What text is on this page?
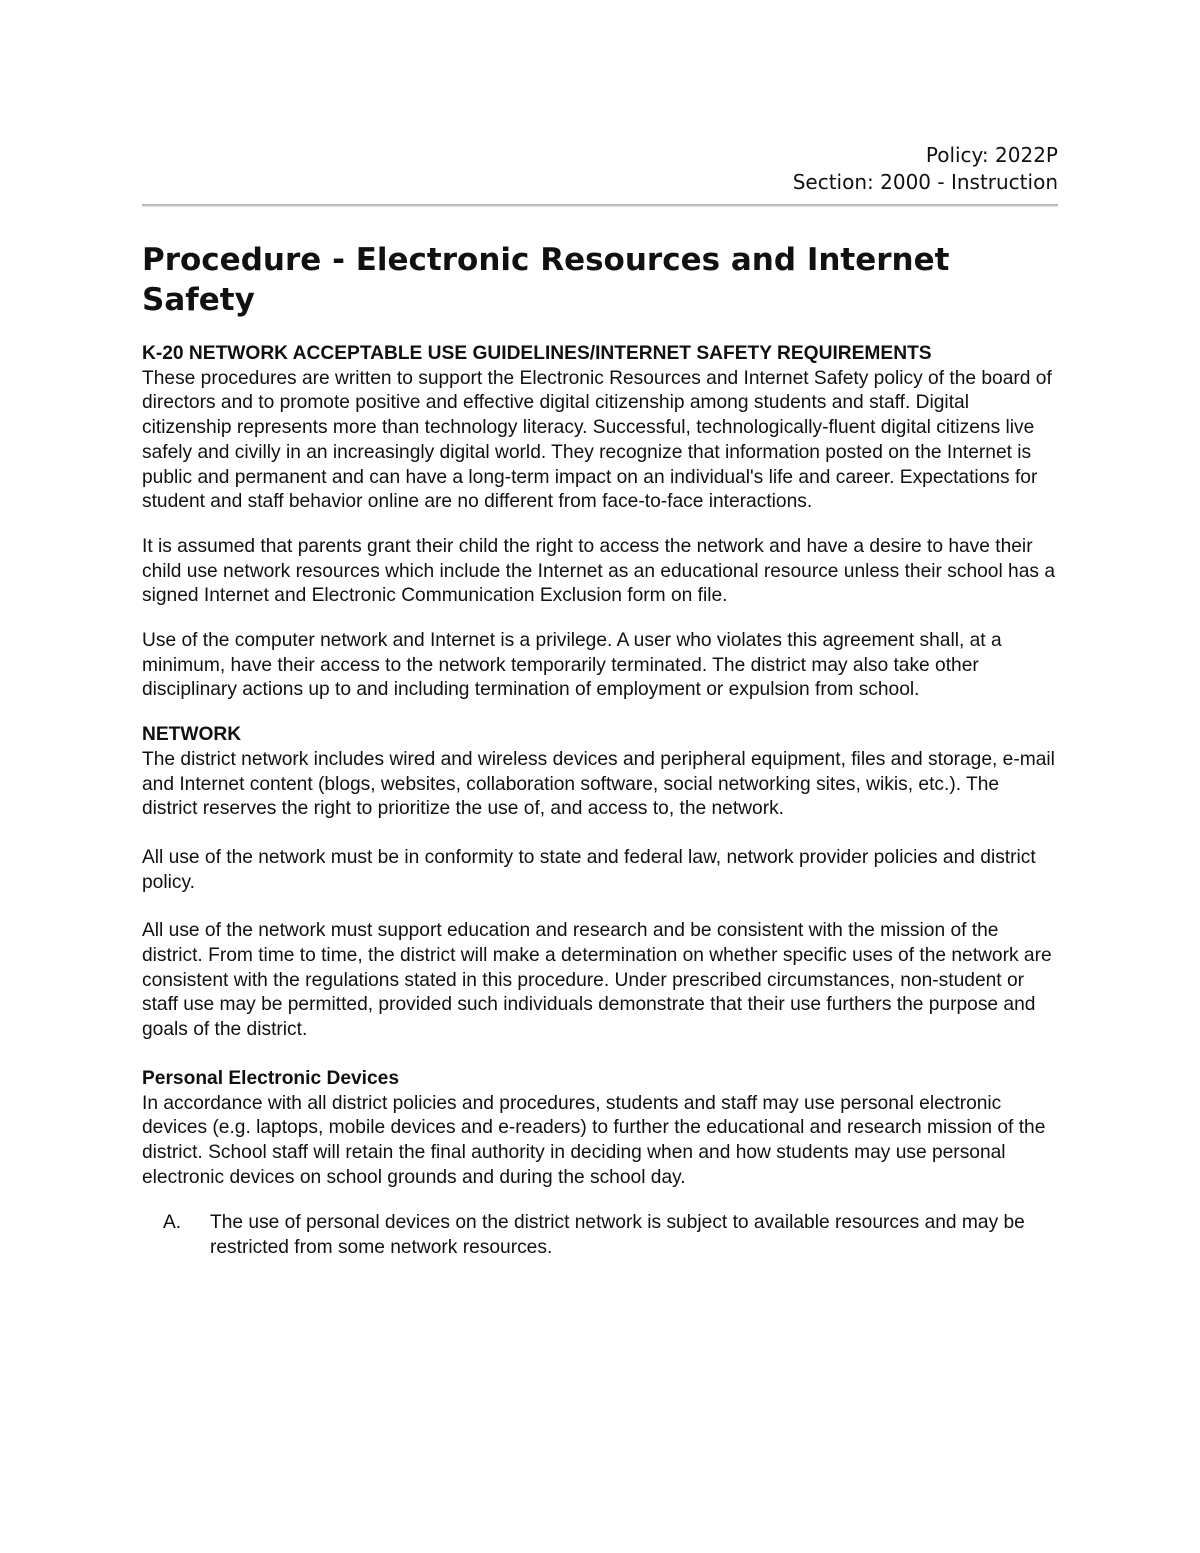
Policy: 2022P
Section: 2000 - Instruction
Procedure - Electronic Resources and Internet Safety

K-20 NETWORK ACCEPTABLE USE GUIDELINES/INTERNET SAFETY REQUIREMENTS

These procedures are written to support the Electronic Resources and Internet Safety policy of the board of directors and to promote positive and effective digital citizenship among students and staff. Digital citizenship represents more than technology literacy. Successful, technologically-fluent digital citizens live safely and civilly in an increasingly digital world. They recognize that information posted on the Internet is public and permanent and can have a long-term impact on an individual's life and career. Expectations for student and staff behavior online are no different from face-to-face interactions.

It is assumed that parents grant their child the right to access the network and have a desire to have their child use network resources which include the Internet as an educational resource unless their school has a signed Internet and Electronic Communication Exclusion form on file.

Use of the computer network and Internet is a privilege. A user who violates this agreement shall, at a minimum, have their access to the network temporarily terminated. The district may also take other disciplinary actions up to and including termination of employment or expulsion from school.

NETWORK

The district network includes wired and wireless devices and peripheral equipment, files and storage, e-mail and Internet content (blogs, websites, collaboration software, social networking sites, wikis, etc.). The district reserves the right to prioritize the use of, and access to, the network.

All use of the network must be in conformity to state and federal law, network provider policies and district policy.

All use of the network must support education and research and be consistent with the mission of the district. From time to time, the district will make a determination on whether specific uses of the network are consistent with the regulations stated in this procedure. Under prescribed circumstances, non-student or staff use may be permitted, provided such individuals demonstrate that their use furthers the purpose and goals of the district.

Personal Electronic Devices

In accordance with all district policies and procedures, students and staff may use personal electronic devices (e.g. laptops, mobile devices and e-readers) to further the educational and research mission of the district. School staff will retain the final authority in deciding when and how students may use personal electronic devices on school grounds and during the school day.

A.	The use of personal devices on the district network is subject to available resources and may be restricted from some network resources.
